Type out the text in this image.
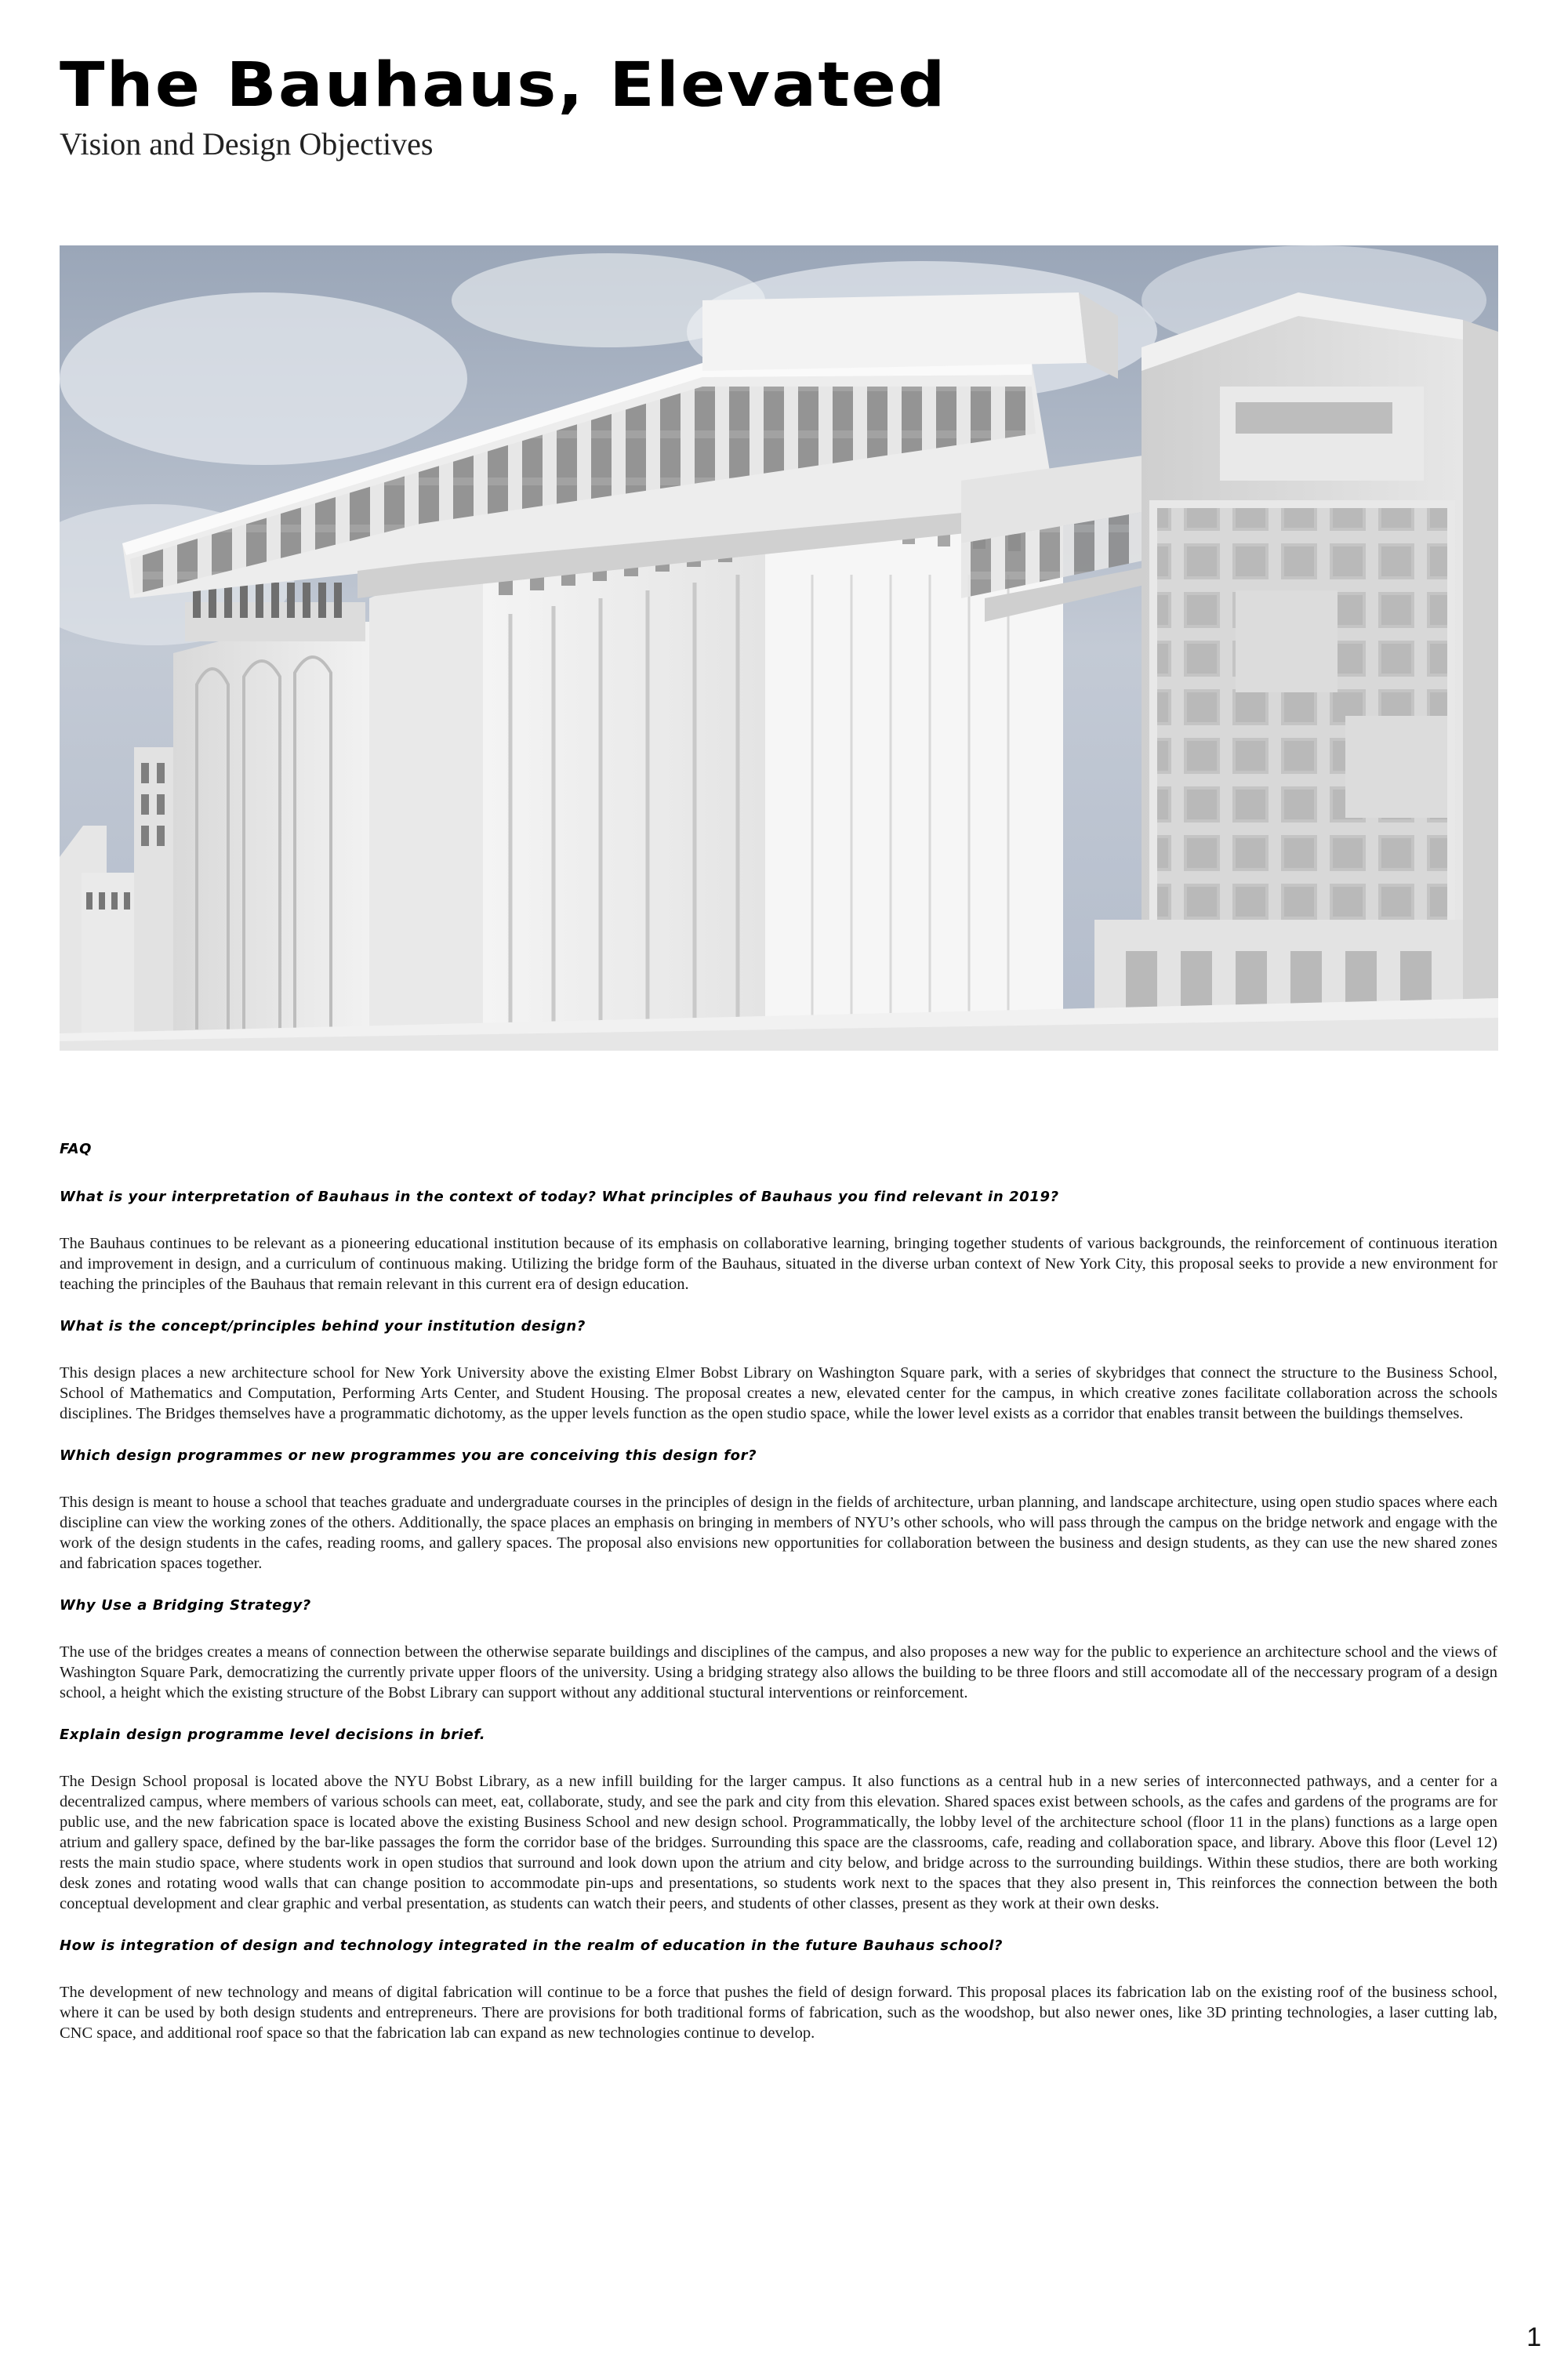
The Bauhaus, Elevated
Vision and Design Objectives

FAQ

What is your interpretation of Bauhaus in the context of today? What principles of Bauhaus you find relevant in 2019?

The Bauhaus continues to be relevant as a pioneering educational institution because of its emphasis on collaborative learning, bringing together students of various backgrounds, the reinforcement of continuous iteration and improvement in design, and a curriculum of continuous making. Utilizing the bridge form of the Bauhaus, situated in the diverse urban context of New York City, this proposal seeks to provide a new environment for teaching the principles of the Bauhaus that remain relevant in this current era of design education.

What is the concept/principles behind your institution design?

This design places a new architecture school for New York University above the existing Elmer Bobst Library on Washington Square park, with a series of skybridges that connect the structure to the Business School, School of Mathematics and Computation, Performing Arts Center, and Student Housing. The proposal creates a new, elevated center for the campus, in which creative zones facilitate collaboration across the schools disciplines. The Bridges themselves have a programmatic dichotomy, as the upper levels function as the open studio space, while the lower level exists as a corridor that enables transit between the buildings themselves.

Which design programmes or new programmes you are conceiving this design for?

This design is meant to house a school that teaches graduate and undergraduate courses in the principles of design in the fields of architecture, urban planning, and landscape architecture, using open studio spaces where each discipline can view the working zones of the others. Additionally, the space places an emphasis on bringing in members of NYU’s other schools, who will pass through the campus on the bridge network and engage with the work of the design students in the cafes, reading rooms, and gallery spaces. The proposal also envisions new opportunities for collaboration between the business and design students, as they can use the new shared zones and fabrication spaces together.

Why Use a Bridging Strategy?

The use of the bridges creates a means of connection between the otherwise separate buildings and disciplines of the campus, and also proposes a new way for the public to experience an architecture school and the views of Washington Square Park, democratizing the currently private upper floors of the university. Using a bridging strategy also allows the building to be three floors and still accomodate all of the neccessary program of a design school, a height which the existing structure of the Bobst Library can support without any additional stuctural interventions or reinforcement.

Explain design programme level decisions in brief.

The Design School proposal is located above the NYU Bobst Library, as a new infill building for the larger campus. It also functions as a central hub in a new series of interconnected pathways, and a center for a decentralized campus, where members of various schools can meet, eat, collaborate, study, and see the park and city from this elevation. Shared spaces exist between schools, as the cafes and gardens of the programs are for public use, and the new fabrication space is located above the existing Business School and new design school. Programmatically, the lobby level of the architecture school (floor 11 in the plans) functions as a large open atrium and gallery space, defined by the bar-like passages the form the corridor base of the bridges. Surrounding this space are the classrooms, cafe, reading and collaboration space, and library. Above this floor (Level 12) rests the main studio space, where students work in open studios that surround and look down upon the atrium and city below, and bridge across to the surrounding buildings. Within these studios, there are both working desk zones and rotating wood walls that can change position to accommodate pin-ups and presentations, so students work next to the spaces that they also present in, This reinforces the connection between the both conceptual development and clear graphic and verbal presentation, as students can watch their peers, and students of other classes, present as they work at their own desks.

How is integration of design and technology integrated in the realm of education in the future Bauhaus school?

The development of new technology and means of digital fabrication will continue to be a force that pushes the field of design forward. This proposal places its fabrication lab on the existing roof of the business school, where it can be used by both design students and entrepreneurs. There are provisions for both traditional forms of fabrication, such as the woodshop, but also newer ones, like 3D printing technologies, a laser cutting lab, CNC space, and additional roof space so that the fabrication lab can expand as new technologies continue to develop.

1
